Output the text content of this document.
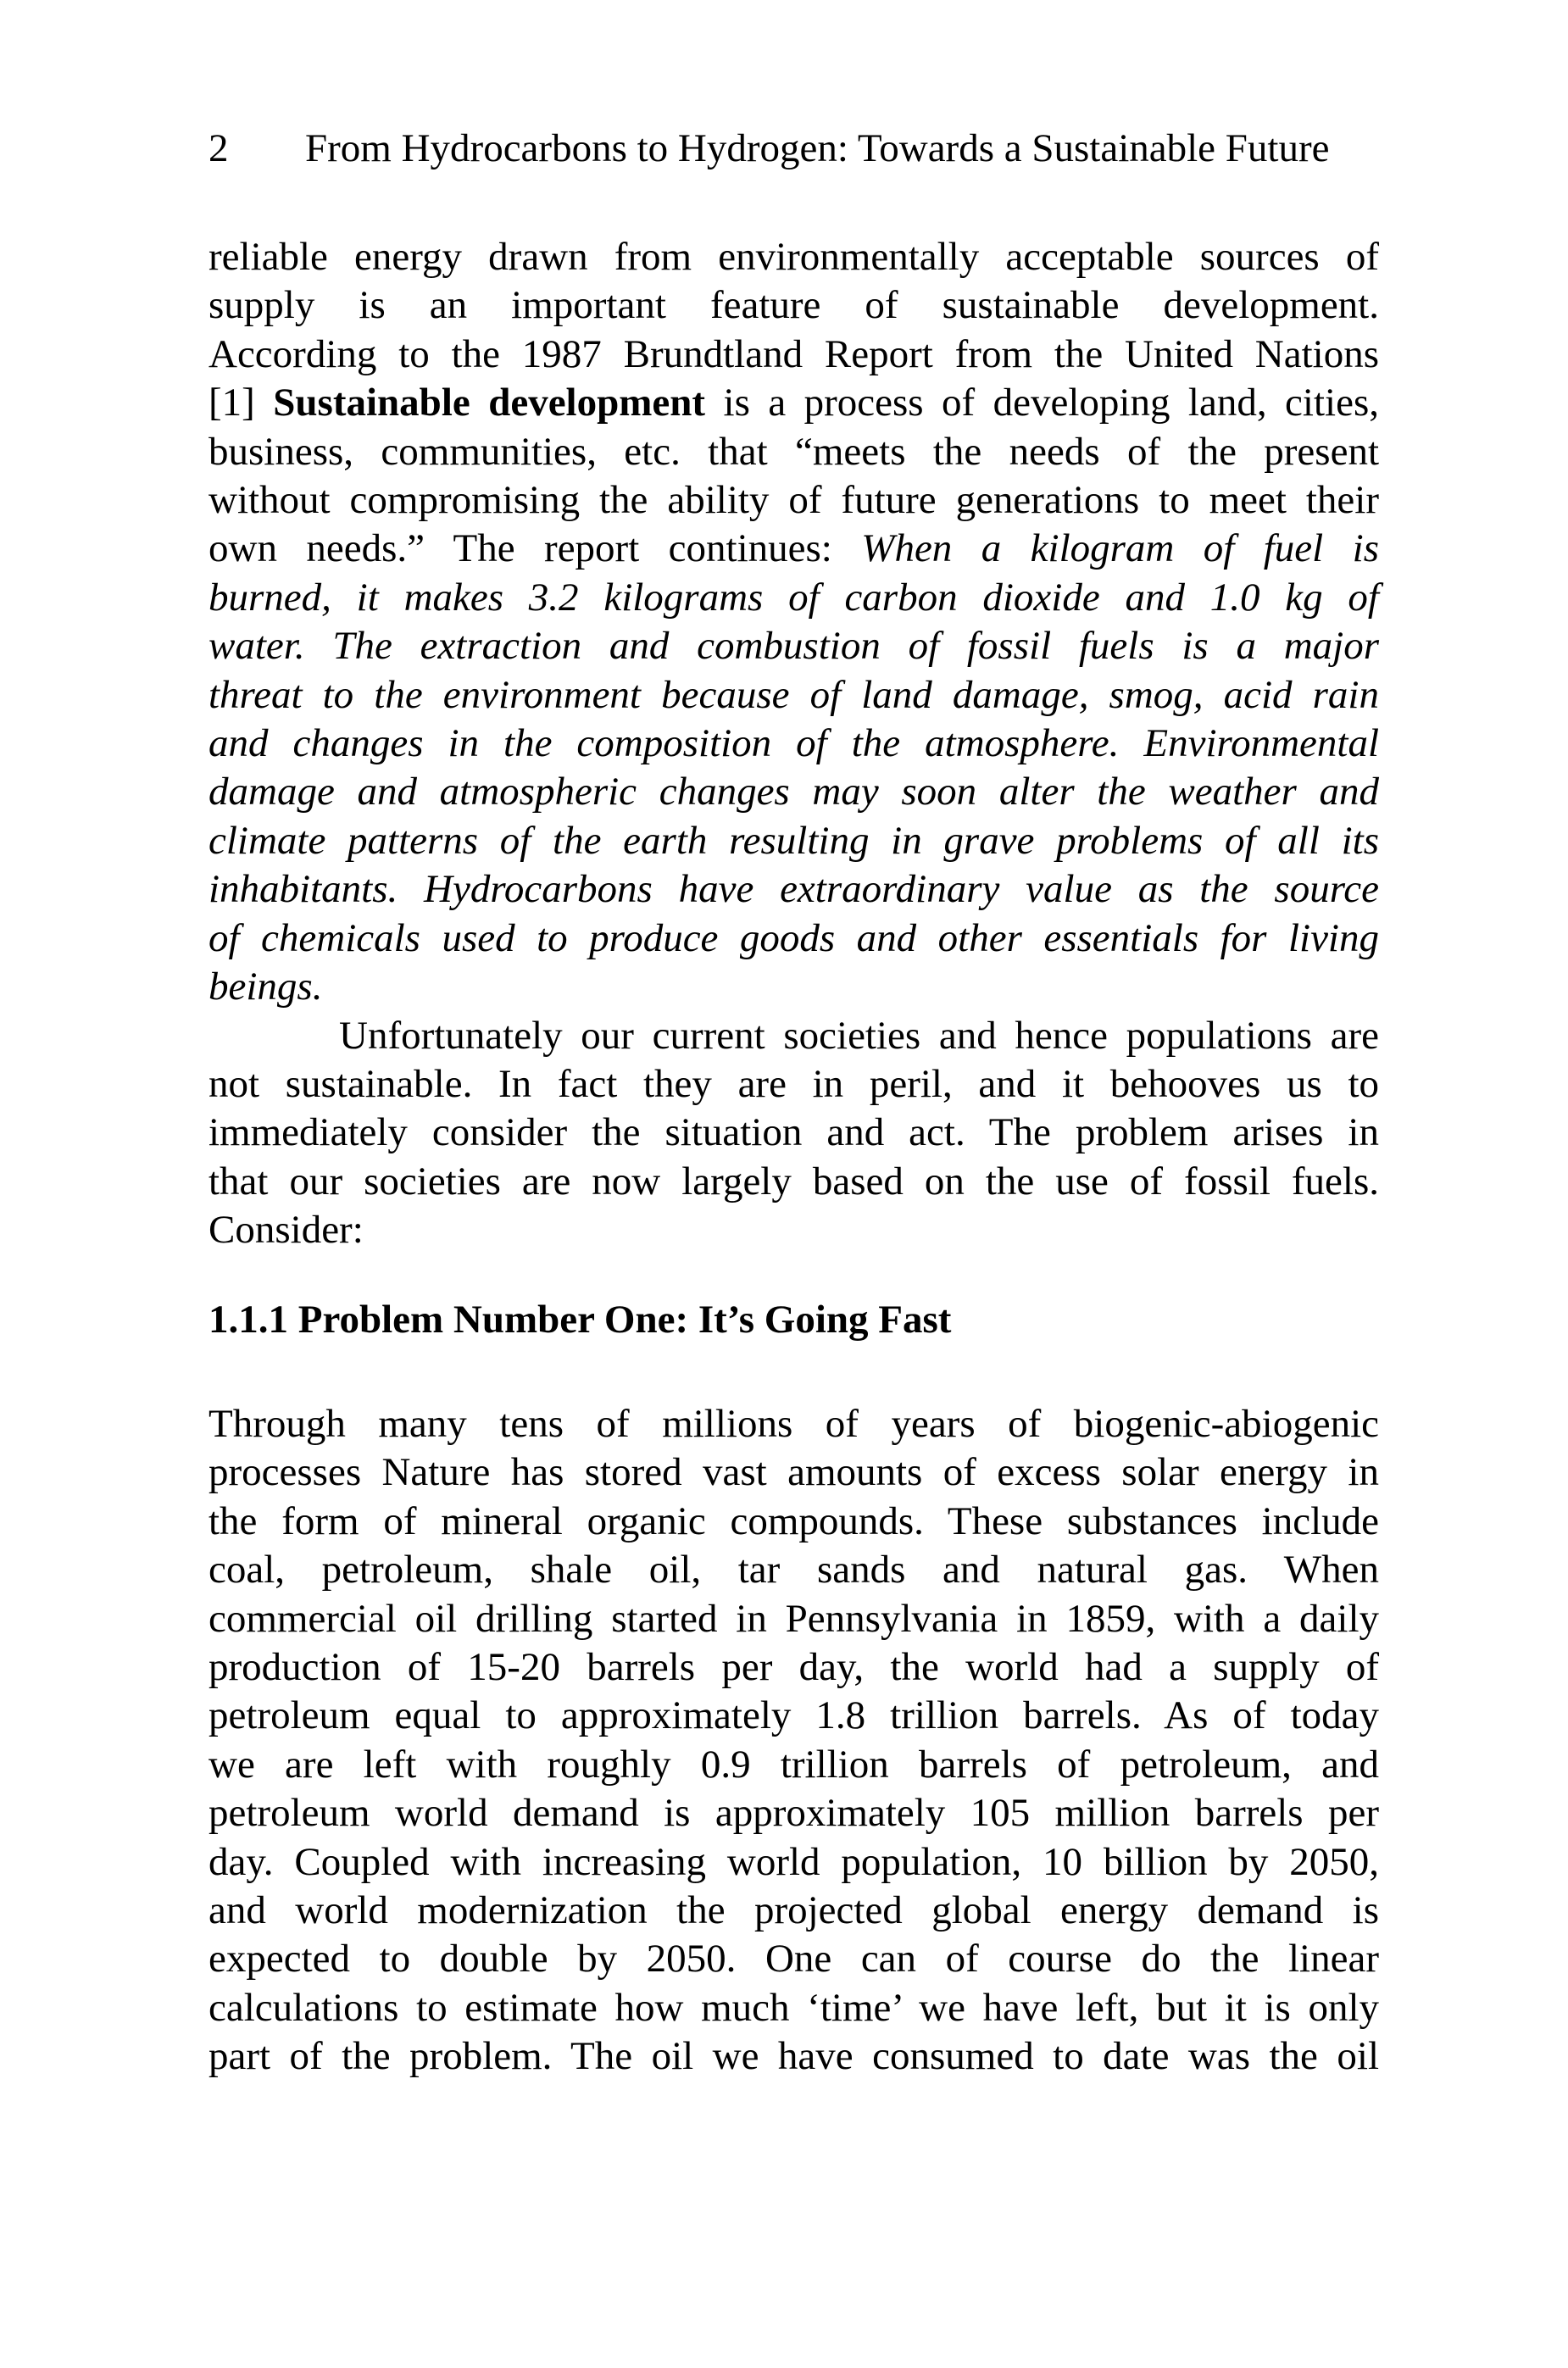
2 From Hydrocarbons to Hydrogen: Towards a Sustainable Future
reliable energy drawn from environmentally acceptable sources of
supply is an important feature of sustainable development.
According to the 1987 Brundtland Report from the United Nations
[1] Sustainable development is a process of developing land, cities,
business, communities, etc. that “meets the needs of the present
without compromising the ability of future generations to meet their
own needs.” The report continues: When a kilogram of fuel is
burned, it makes 3.2 kilograms of carbon dioxide and 1.0 kg of
water. The extraction and combustion of fossil fuels is a major
threat to the environment because of land damage, smog, acid rain
and changes in the composition of the atmosphere. Environmental
damage and atmospheric changes may soon alter the weather and
climate patterns of the earth resulting in grave problems of all its
inhabitants. Hydrocarbons have extraordinary value as the source
of chemicals used to produce goods and other essentials for living
beings.
Unfortunately our current societies and hence populations are
not sustainable. In fact they are in peril, and it behooves us to
immediately consider the situation and act. The problem arises in
that our societies are now largely based on the use of fossil fuels.
Consider:
1.1.1 Problem Number One: It’s Going Fast
Through many tens of millions of years of biogenic-abiogenic
processes Nature has stored vast amounts of excess solar energy in
the form of mineral organic compounds. These substances include
coal, petroleum, shale oil, tar sands and natural gas. When
commercial oil drilling started in Pennsylvania in 1859, with a daily
production of 15-20 barrels per day, the world had a supply of
petroleum equal to approximately 1.8 trillion barrels. As of today
we are left with roughly 0.9 trillion barrels of petroleum, and
petroleum world demand is approximately 105 million barrels per
day. Coupled with increasing world population, 10 billion by 2050,
and world modernization the projected global energy demand is
expected to double by 2050. One can of course do the linear
calculations to estimate how much ‘time’ we have left, but it is only
part of the problem. The oil we have consumed to date was the oil
